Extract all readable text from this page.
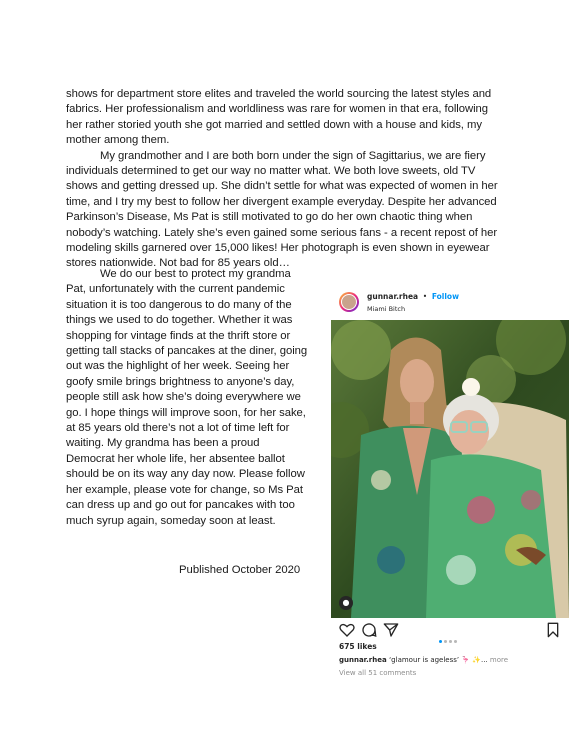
shows for department store elites and traveled the world sourcing the latest styles and fabrics. Her professionalism and worldliness was rare for women in that era, following her rather storied youth she got married and settled down with a house and kids, my mother among them.

My grandmother and I are both born under the sign of Sagittarius, we are fiery individuals determined to get our way no matter what. We both love sweets, old TV shows and getting dressed up. She didn’t settle for what was expected of women in her time, and I try my best to follow her divergent example everyday. Despite her advanced Parkinson’s Disease, Ms Pat is still motivated to go do her own chaotic thing when nobody’s watching. Lately she’s even gained some serious fans - a recent repost of her modeling skills garnered over 15,000 likes! Her photograph is even shown in eyewear stores nationwide. Not bad for 85 years old…

We do our best to protect my grandma Pat, unfortunately with the current pandemic situation it is too dangerous to do many of the things we used to do together. Whether it was shopping for vintage finds at the thrift store or getting tall stacks of pancakes at the diner, going out was the highlight of her week. Seeing her goofy smile brings brightness to anyone’s day, people still ask how she’s doing everywhere we go. I hope things will improve soon, for her sake, at 85 years old there’s not a lot of time left for waiting. My grandma has been a proud Democrat her whole life, her absentee ballot should be on its way any day now. Please follow her example, please vote for change, so Ms Pat can dress up and go out for pancakes with too much syrup again, someday soon at least.

Published October 2020
gunnar.rhea • Follow
Miami Bitch
●
675 likes
gunnar.rhea ‘glamour is ageless’ 🦩 ✨... more
View all 51 comments
